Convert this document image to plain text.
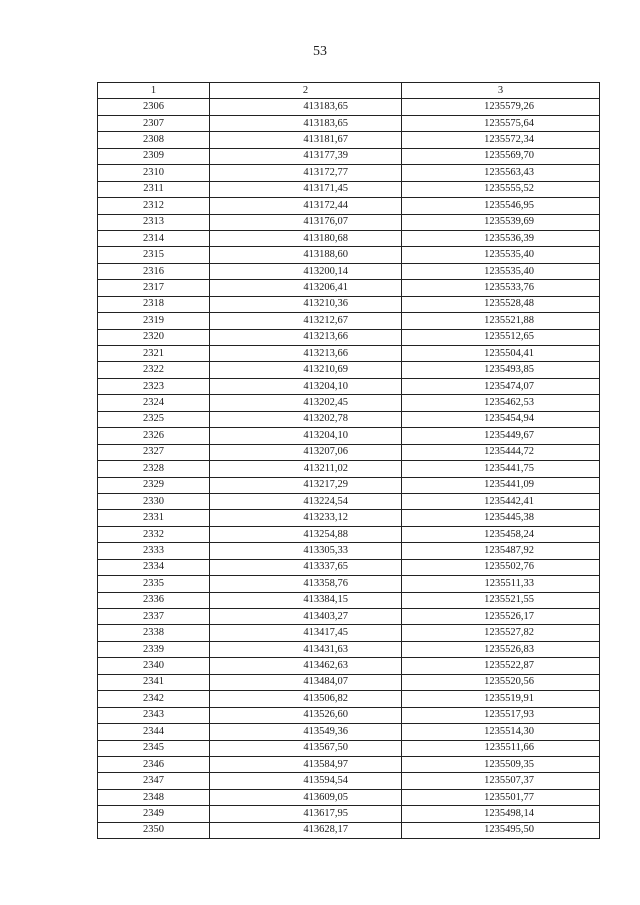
53
1	2	3
2306	413183,65	1235579,26
2307	413183,65	1235575,64
2308	413181,67	1235572,34
2309	413177,39	1235569,70
2310	413172,77	1235563,43
2311	413171,45	1235555,52
2312	413172,44	1235546,95
2313	413176,07	1235539,69
2314	413180,68	1235536,39
2315	413188,60	1235535,40
2316	413200,14	1235535,40
2317	413206,41	1235533,76
2318	413210,36	1235528,48
2319	413212,67	1235521,88
2320	413213,66	1235512,65
2321	413213,66	1235504,41
2322	413210,69	1235493,85
2323	413204,10	1235474,07
2324	413202,45	1235462,53
2325	413202,78	1235454,94
2326	413204,10	1235449,67
2327	413207,06	1235444,72
2328	413211,02	1235441,75
2329	413217,29	1235441,09
2330	413224,54	1235442,41
2331	413233,12	1235445,38
2332	413254,88	1235458,24
2333	413305,33	1235487,92
2334	413337,65	1235502,76
2335	413358,76	1235511,33
2336	413384,15	1235521,55
2337	413403,27	1235526,17
2338	413417,45	1235527,82
2339	413431,63	1235526,83
2340	413462,63	1235522,87
2341	413484,07	1235520,56
2342	413506,82	1235519,91
2343	413526,60	1235517,93
2344	413549,36	1235514,30
2345	413567,50	1235511,66
2346	413584,97	1235509,35
2347	413594,54	1235507,37
2348	413609,05	1235501,77
2349	413617,95	1235498,14
2350	413628,17	1235495,50
